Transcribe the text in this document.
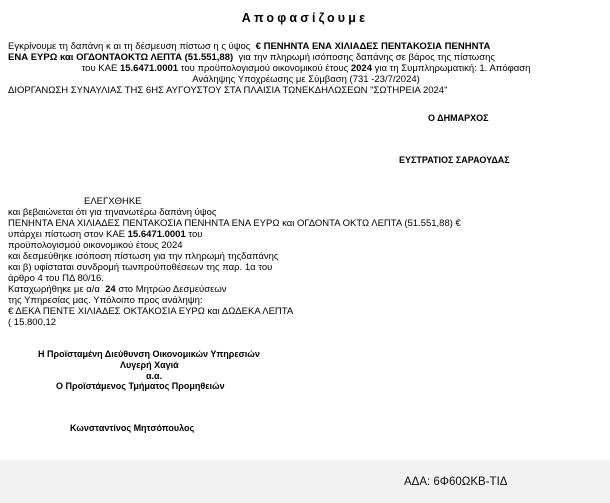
Αποφασίζουμε
Εγκρίνουμε τη δαπάνη κ αι τη δέσμευση πίστωσ η ς ύψος € ΠΕΝΗΝΤΑ ΕΝΑ ΧΙΛΙΑΔΕΣ ΠΕΝΤΑΚΟΣΙΑ ΠΕΝΗΝΤΑ
ΕΝΑ ΕΥΡΩ και ΟΓΔΟΝΤΑΟΚΤΩ ΛΕΠΤΑ (51.551,88) για την πληρωμή ισόποσης δαπάνης σε βάρος της πίστωσης
του ΚΑΕ 15.6471.0001 του προϋπολογισμού οικονομικού έτους 2024 για τη Συμπληρωματική: 1. Απόφαση
Ανάληψης Υποχρέωσης με Σύμβαση (731 -23/7/2024)
ΔΙΟΡΓΑΝΩΣΗ ΣΥΝΑΥΛΙΑΣ ΤΗΣ 6ΗΣ ΑΥΓΟΥΣΤΟΥ ΣΤΑ ΠΛΑΙΣΙΑ ΤΩΝΕΚΔΗΛΩΣΕΩΝ "ΣΩΤΗΡΕΙΑ 2024"
Ο ΔΗΜΑΡΧΟΣ
ΕΥΣΤΡΑΤΙΟΣ ΣΑΡΑΟΥΔΑΣ
ΕΛΕΓΧΘΗΚΕ
και βεβαιώνεται ότι για τηνανωτέρω δαπάνη ύψος
ΠΕΝΗΝΤΑ ΕΝΑ ΧΙΛΙΑΔΕΣ ΠΕΝΤΑΚΟΣΙΑ ΠΕΝΗΝΤΑ ΕΝΑ ΕΥΡΩ και ΟΓΔΟΝΤΑ ΟΚΤΩ ΛΕΠΤΑ (51.551,88) €
υπάρχει πίστωση στον ΚΑΕ 15.6471.0001 του
προϋπολογισμού οικονομικού έτους 2024
και δεσμεύθηκε ισόποση πίστωση για την πληρωμή τηςδαπάνης
και β) υφίσταται συνδρομή τωνπροϋποθέσεων της παρ. 1α του
άρθρο 4 του ΠΔ 80/16.
Καταχωρήθηκε με α/α 24 στο Μητρώο Δεσμεύσεων
της Υπηρεσίας μας. Υπόλοιπο προς ανάληψη:
€ ΔΕΚΑ ΠΕΝΤΕ ΧΙΛΙΑΔΕΣ ΟΚΤΑΚΟΣΙΑ ΕΥΡΩ και ΔΩΔΕΚΑ ΛΕΠΤΑ
( 15.800,12
Η Προϊσταμένη Διεύθυνση Οικονομικών Υπηρεσιών
Λυγερή Χαγιά
α.α.
Ο Προϊστάμενος Τμήματος Προμηθειών
Κωνσταντίνος Μητσόπουλος
ΑΔΑ: 6Φ60ΩΚΒ-ΤΙΔ
